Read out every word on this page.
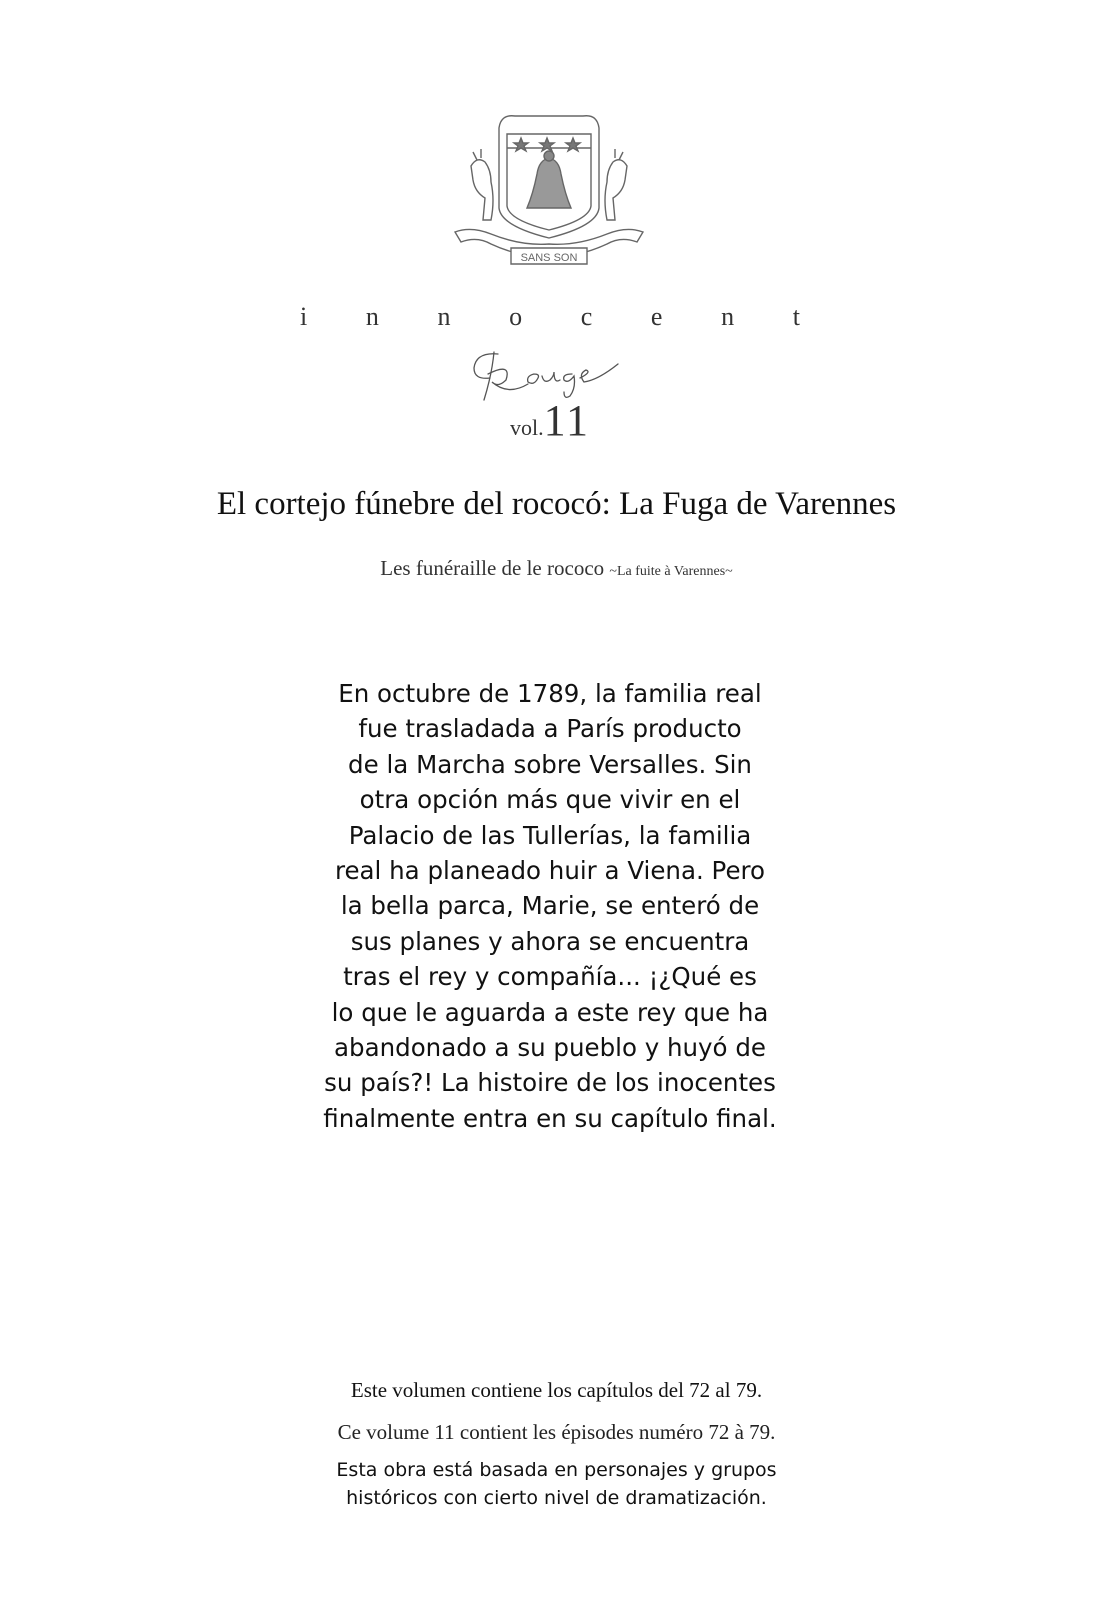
SANS SON
i n n o c e n t
vol.11
El cortejo fúnebre del rococó: La Fuga de Varennes
Les funéraille de le rococo ~La fuite à Varennes~
En octubre de 1789, la familia real
fue trasladada a París producto
de la Marcha sobre Versalles. Sin
otra opción más que vivir en el
Palacio de las Tullerías, la familia
real ha planeado huir a Viena. Pero
la bella parca, Marie, se enteró de
sus planes y ahora se encuentra
tras el rey y compañía... ¡¿Qué es
lo que le aguarda a este rey que ha
abandonado a su pueblo y huyó de
su país?! La histoire de los inocentes
finalmente entra en su capítulo final.
Este volumen contiene los capítulos del 72 al 79.
Ce volume 11 contient les épisodes numéro 72 à 79.
Esta obra está basada en personajes y grupos
históricos con cierto nivel de dramatización.
